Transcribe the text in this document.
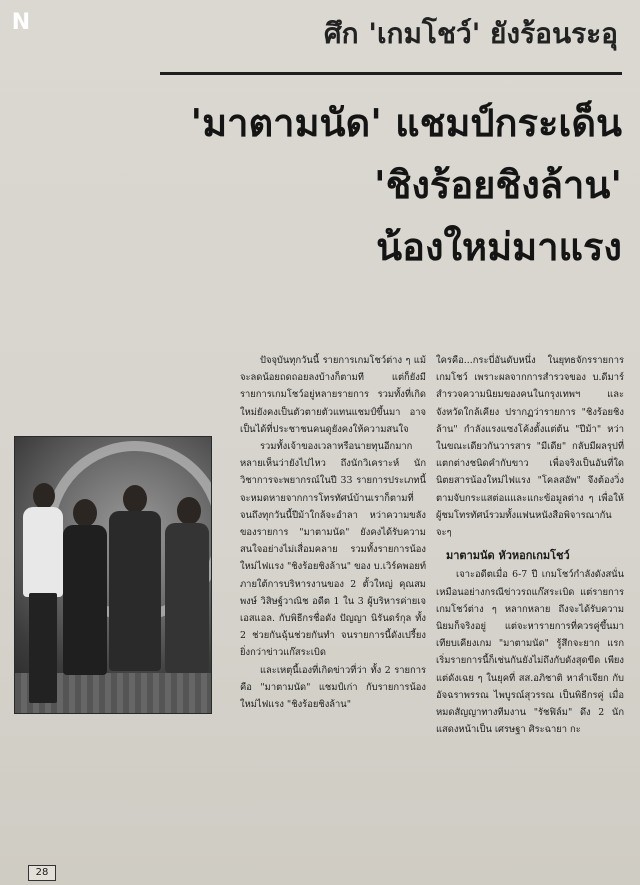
N	ศึก 'เกมโชว์' ยังร้อนระอุ
'มาตามนัด' แชมป์กระเด็น
'ชิงร้อยชิงล้าน'
น้องใหม่มาแรง

ปัจจุบันทุกวันนี้ รายการเกมโชว์ต่าง ๆ แม้จะลดน้อยถดถอยลงบ้างก็ตามที แต่ก็ยังมีรายการเกมโชว์อยู่หลายรายการ รวมทั้งที่เกิดใหม่ยังคงเป็นตัวตายตัวแทนแชมป์ขึ้นมา อาจเป็นได้ที่ประชาชนคนดูยังคงให้ความสนใจ

รวมทั้งเจ้าของเวลาหรือนายทุนอีกมากหลายเห็นว่ายังไปไหว ถึงนักวิเคราะห์ นักวิชาการจะพยากรณ์ในปี 33 รายการประเภทนี้จะหมดหายจากการโทรทัศน์บ้านเราก็ตามที่ จนถึงทุกวันนี้ปีม้าใกล้จะอำลา หว่าความขลังของรายการ "มาตามนัด" ยังคงได้รับความสนใจอย่างไม่เสื่อมคลาย รวมทั้งรายการน้องใหม่ไฟแรง "ชิงร้อยชิงล้าน" ของ บ.เวิร์คพอยท์ ภายใต้การบริหารงานของ 2 ตั้วใหญ่ คุณสมพงษ์ วิสิษฐ์วาณิช อดีต 1 ใน 3 ผู้บริหารค่ายเจเอสแอล. กับพิธีกรชื่อดัง ปัญญา นิรันดร์กุล ทั้ง 2 ช่วยกันฉุ้นช่วยกันทำ จนรายการนี้ดังเปรี้ยงยิ่งกว่าข่าวแก๊สระเบิด

และเหตุนี้เองที่เกิดข่าวที่ว่า ทั้ง 2 รายการคือ "มาตามนัด" แชมป์เก่า กับรายการน้องใหม่ไฟแรง "ชิงร้อยชิงล้าน"

ใครคือ...กระบี่อันดับหนึ่ง ในยุทธจักรรายการเกมโชว์ เพราะผลจากการสำรวจของ บ.ดีมาร์สำรวจความนิยมของคนในกรุงเทพฯ และจังหวัดใกล้เคียง ปรากฏว่ารายการ "ชิงร้อยชิงล้าน" กำลังแรงแซงโค้งตั้งแต่ต้น "ปีม้า" หว่าในขณะเดียวกันวารสาร "มีเดีย" กลับมีผลรุปที่แตกต่างชนิดคำกับขาว เพื่อจริงเป็นอันที่ใด นิตยสารน้องใหม่ไฟแรง "โคลสอัพ" จึงต้องวิ่งตามจับกระแสต่อแและแกะข้อมูลต่าง ๆ เพื่อให้ผู้ชมโทรทัศน์รวมทั้งแฟนหนังสือพิจารณากันจะๆ

มาตามนัด หัวหอกเกมโชว์

เจาะอดีตเมื่อ 6-7 ปี เกมโชว์กำลังดังสนั่นเหมือนอย่างกรณีข่าวรถแก๊สระเบิด แต่รายการเกมโชว์ต่าง ๆ หลากหลาย ถึงจะได้รับความนิยมก็จริงอยู่ แต่จะหารายการที่ควรคู่ขึ้นมาเทียบเคียงเกม "มาตามนัด" รู้สึกจะยาก แรกเริ่มรายการนี้ก็เช่นกันยังไม่ถึงกับดังสุดขีด เพียงแต่ดังเฉย ๆ ในยุคที่ สส.อภิชาติ หาลำเจียก กับ อัจฉราพรรณ ไพบูรณ์สุวรรณ เป็นพิธีกรคู่ เมื่อหมดสัญญาทางทีมงาน "รัชฟิล์ม" ดึง 2 นักแสดงหน้าเป็น เศรษฐา ศิระฉายา กะ

28
